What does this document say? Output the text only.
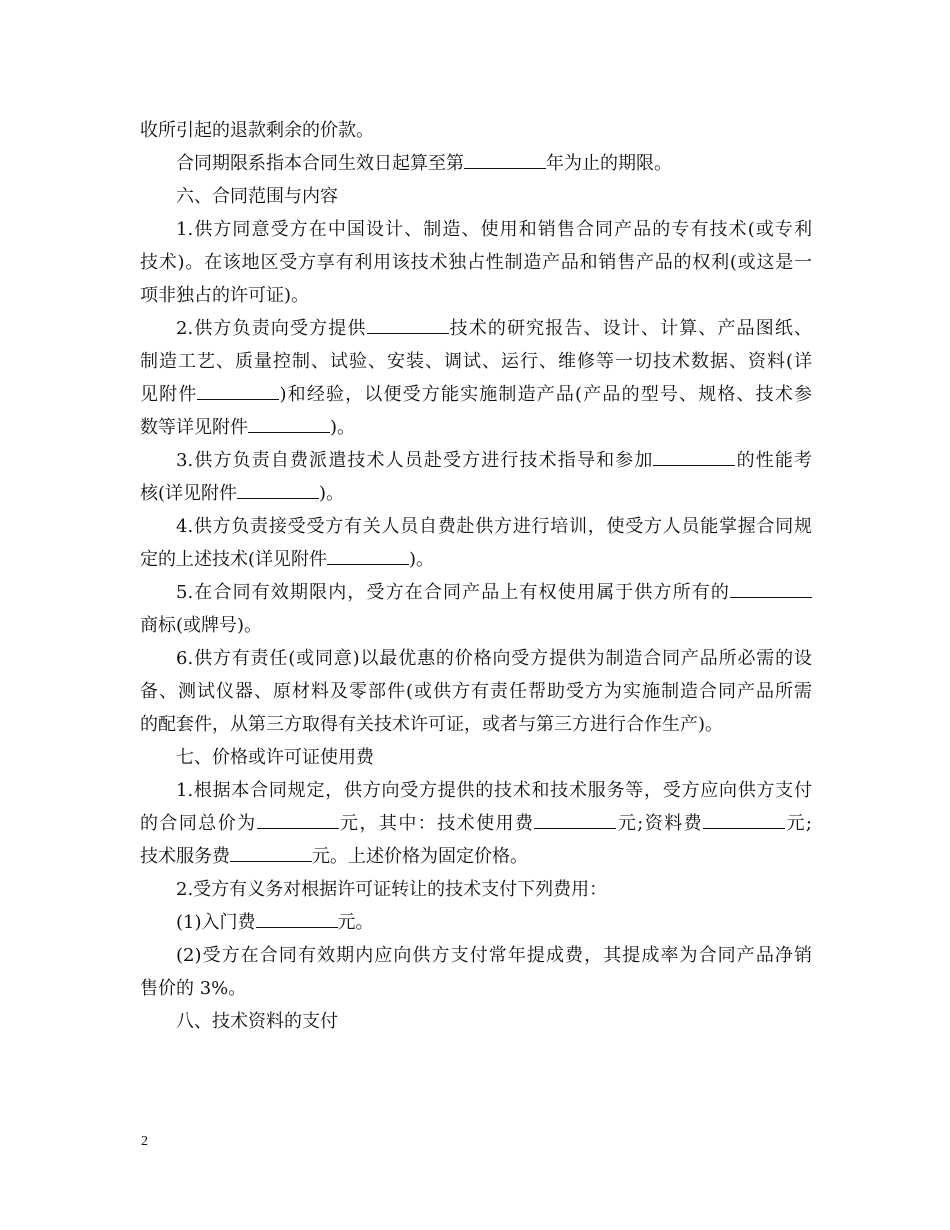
收所引起的退款剩余的价款。

合同期限系指本合同生效日起算至第	年为止的期限。

六、合同范围与内容

1.供方同意受方在中国设计、制造、使用和销售合同产品的专有技术(或专利

技术)。在该地区受方享有利用该技术独占性制造产品和销售产品的权利(或这是一

项非独占的许可证)。

2.供方负责向受方提供	技术的研究报告、设计、计算、产品图纸、

制造工艺、质量控制、试验、安装、调试、运行、维修等一切技术数据、资料(详

见附件	)和经验，以便受方能实施制造产品(产品的型号、规格、技术参

数等详见附件	)。

3.供方负责自费派遣技术人员赴受方进行技术指导和参加	的性能考

核(详见附件	)。

4.供方负责接受受方有关人员自费赴供方进行培训，使受方人员能掌握合同规

定的上述技术(详见附件	)。

5.在合同有效期限内，受方在合同产品上有权使用属于供方所有的

商标(或牌号)。

6.供方有责任(或同意)以最优惠的价格向受方提供为制造合同产品所必需的设

备、测试仪器、原材料及零部件(或供方有责任帮助受方为实施制造合同产品所需

的配套件，从第三方取得有关技术许可证，或者与第三方进行合作生产)。

七、价格或许可证使用费

1.根据本合同规定，供方向受方提供的技术和技术服务等，受方应向供方支付

的合同总价为	元，其中：技术使用费	元;资料费	元;

技术服务费	元。上述价格为固定价格。

2.受方有义务对根据许可证转让的技术支付下列费用：

(1)入门费	元。

(2)受方在合同有效期内应向供方支付常年提成费，其提成率为合同产品净销

售价的 3%。

八、技术资料的支付

2
